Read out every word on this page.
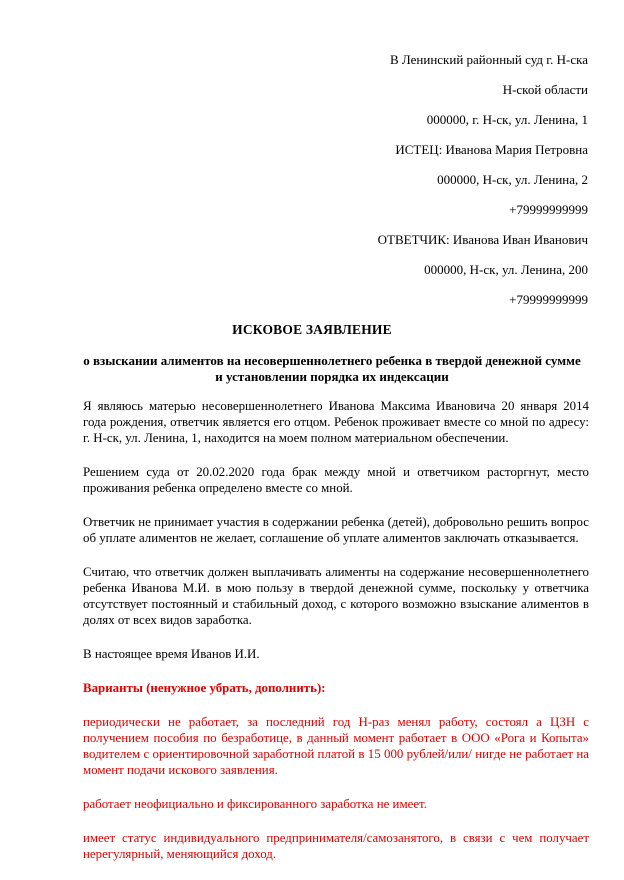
В Ленинский районный суд г. Н-ска
Н-ской области
000000, г. Н-ск, ул. Ленина, 1
ИСТЕЦ: Иванова Мария Петровна
000000, Н-ск, ул. Ленина, 2
+79999999999
ОТВЕТЧИК: Иванова Иван Иванович
000000, Н-ск, ул. Ленина, 200
+79999999999
ИСКОВОЕ ЗАЯВЛЕНИЕ
о взыскании алиментов на несовершеннолетнего ребенка в твердой денежной сумме
и установлении порядка их индексации

Я являюсь матерью несовершеннолетнего Иванова Максима Ивановича 20 января 2014 года рождения, ответчик является его отцом. Ребенок проживает вместе со мной по адресу: г. Н-ск, ул. Ленина, 1, находится на моем полном материальном обеспечении.

Решением суда от 20.02.2020 года брак между мной и ответчиком расторгнут, место проживания ребенка определено вместе со мной.

Ответчик не принимает участия в содержании ребенка (детей), добровольно решить вопрос об уплате алиментов не желает, соглашение об уплате алиментов заключать отказывается.

Считаю, что ответчик должен выплачивать алименты на содержание несовершеннолетнего ребенка Иванова М.И. в мою пользу в твердой денежной сумме, поскольку у ответчика отсутствует постоянный и стабильный доход, с которого возможно взыскание алиментов в долях от всех видов заработка.

В настоящее время Иванов И.И.

Варианты (ненужное убрать, дополнить):

периодически не работает, за последний год Н-раз менял работу, состоял а ЦЗН с получением пособия по безработице, в данный момент работает в ООО «Рога и Копыта» водителем с ориентировочной заработной платой в 15 000 рублей/или/ нигде не работает на момент подачи искового заявления.

работает неофициально и фиксированного заработка не имеет.

имеет статус индивидуального предпринимателя/самозанятого, в связи с чем получает нерегулярный, меняющийся доход.
